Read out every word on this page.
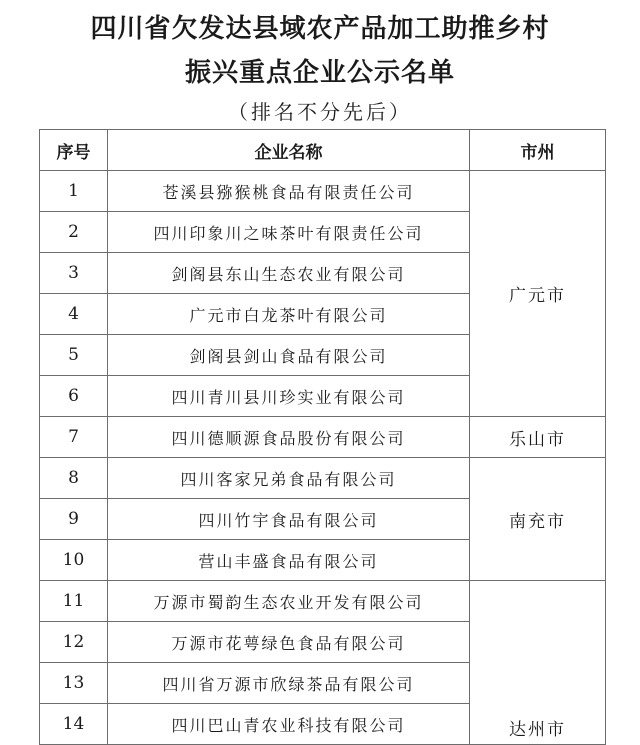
四川省欠发达县域农产品加工助推乡村
振兴重点企业公示名单
（排名不分先后）
序号	企业名称	市州
1	苍溪县猕猴桃食品有限责任公司	广元市
2	四川印象川之味茶叶有限责任公司	
3	剑阁县东山生态农业有限公司	
4	广元市白龙茶叶有限公司	
5	剑阁县剑山食品有限公司	
6	四川青川县川珍实业有限公司	
7	四川德顺源食品股份有限公司	乐山市
8	四川客家兄弟食品有限公司	南充市
9	四川竹宇食品有限公司	
10	营山丰盛食品有限公司	
11	万源市蜀韵生态农业开发有限公司	达州市
12	万源市花萼绿色食品有限公司	
13	四川省万源市欣绿茶品有限公司	
14	四川巴山青农业科技有限公司	
